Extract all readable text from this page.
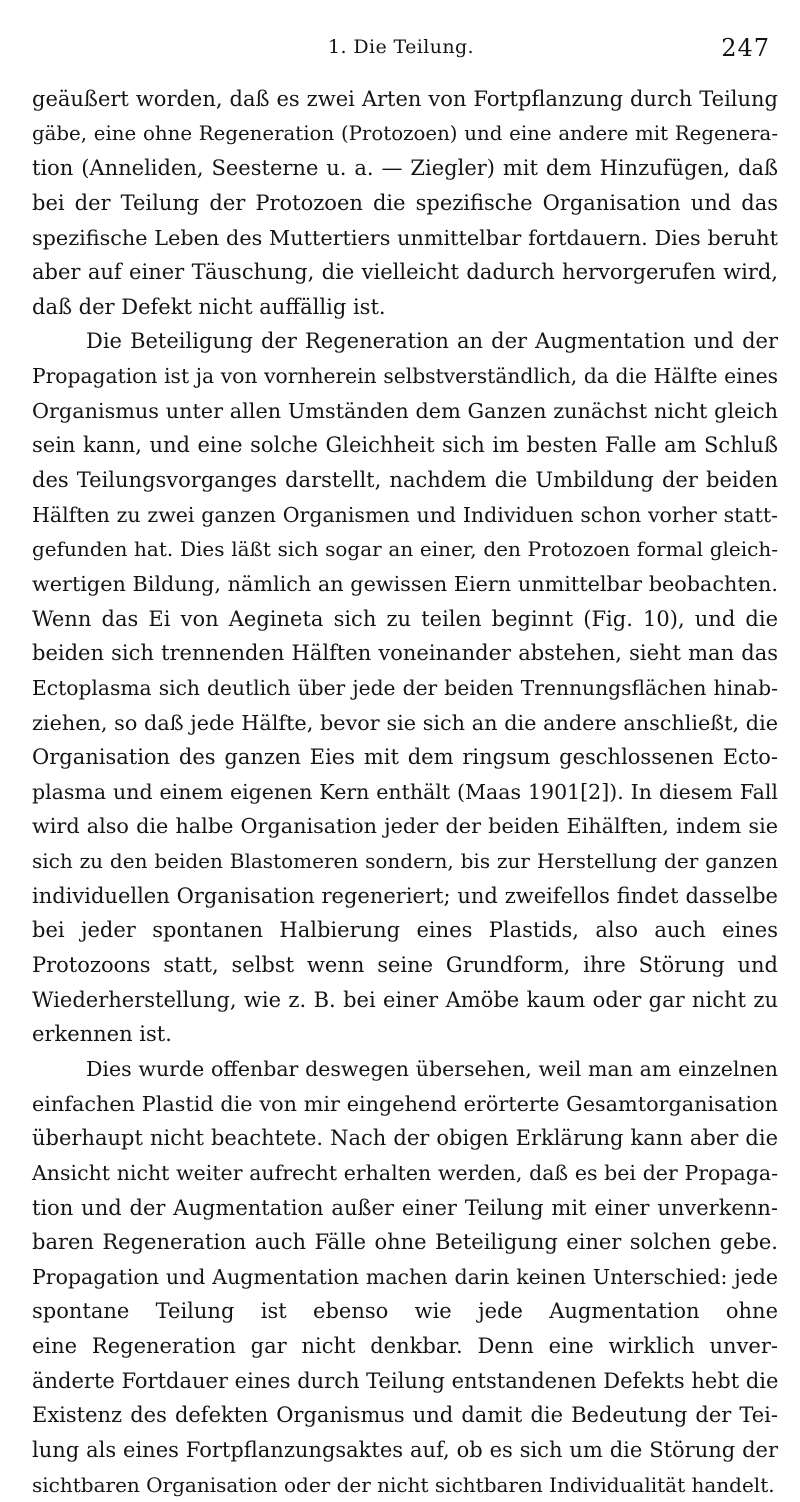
1. Die Teilung.	247
geäußert worden, daß es zwei Arten von Fortpflanzung durch Teilung
gäbe, eine ohne Regeneration (Protozoen) und eine andere mit Regenera-
tion (Anneliden, Seesterne u. a. — Ziegler) mit dem Hinzufügen, daß
bei der Teilung der Protozoen die spezifische Organisation und das
spezifische Leben des Muttertiers unmittelbar fortdauern. Dies beruht
aber auf einer Täuschung, die vielleicht dadurch hervorgerufen wird,
daß der Defekt nicht auffällig ist.
Die Beteiligung der Regeneration an der Augmentation und der
Propagation ist ja von vornherein selbstverständlich, da die Hälfte eines
Organismus unter allen Umständen dem Ganzen zunächst nicht gleich
sein kann, und eine solche Gleichheit sich im besten Falle am Schluß
des Teilungsvorganges darstellt, nachdem die Umbildung der beiden
Hälften zu zwei ganzen Organismen und Individuen schon vorher statt-
gefunden hat. Dies läßt sich sogar an einer, den Protozoen formal gleich-
wertigen Bildung, nämlich an gewissen Eiern unmittelbar beobachten.
Wenn das Ei von Aegineta sich zu teilen beginnt (Fig. 10), und die
beiden sich trennenden Hälften voneinander abstehen, sieht man das
Ectoplasma sich deutlich über jede der beiden Trennungsflächen hinab-
ziehen, so daß jede Hälfte, bevor sie sich an die andere anschließt, die
Organisation des ganzen Eies mit dem ringsum geschlossenen Ecto-
plasma und einem eigenen Kern enthält (Maas 1901[2]). In diesem Fall
wird also die halbe Organisation jeder der beiden Eihälften, indem sie
sich zu den beiden Blastomeren sondern, bis zur Herstellung der ganzen
individuellen Organisation regeneriert; und zweifellos findet dasselbe
bei jeder spontanen Halbierung eines Plastids, also auch eines
Protozoons statt, selbst wenn seine Grundform, ihre Störung und
Wiederherstellung, wie z. B. bei einer Amöbe kaum oder gar nicht zu
erkennen ist.
Dies wurde offenbar deswegen übersehen, weil man am einzelnen
einfachen Plastid die von mir eingehend erörterte Gesamtorganisation
überhaupt nicht beachtete. Nach der obigen Erklärung kann aber die
Ansicht nicht weiter aufrecht erhalten werden, daß es bei der Propaga-
tion und der Augmentation außer einer Teilung mit einer unverkenn-
baren Regeneration auch Fälle ohne Beteiligung einer solchen gebe.
Propagation und Augmentation machen darin keinen Unterschied: jede
spontane Teilung ist ebenso wie jede Augmentation ohne
eine Regeneration gar nicht denkbar. Denn eine wirklich unver-
änderte Fortdauer eines durch Teilung entstandenen Defekts hebt die
Existenz des defekten Organismus und damit die Bedeutung der Tei-
lung als eines Fortpflanzungsaktes auf, ob es sich um die Störung der
sichtbaren Organisation oder der nicht sichtbaren Individualität handelt.
